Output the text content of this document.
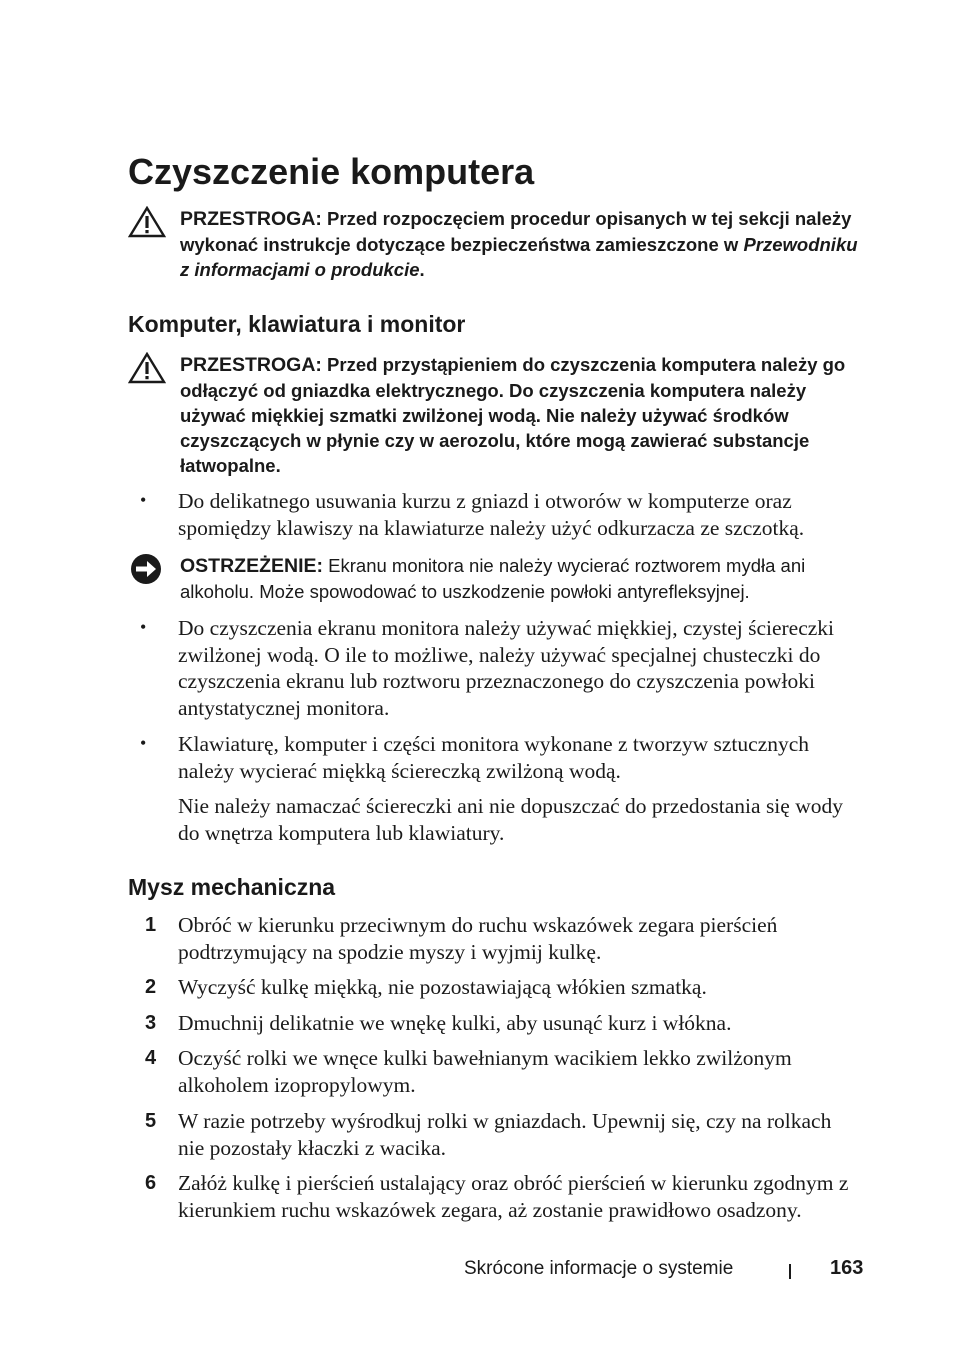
Czyszczenie komputera
PRZESTROGA: Przed rozpoczęciem procedur opisanych w tej sekcji należy wykonać instrukcje dotyczące bezpieczeństwa zamieszczone w Przewodniku z informacjami o produkcie.
Komputer, klawiatura i monitor
PRZESTROGA: Przed przystąpieniem do czyszczenia komputera należy go odłączyć od gniazdka elektrycznego. Do czyszczenia komputera należy używać miękkiej szmatki zwilżonej wodą. Nie należy używać środków czyszczących w płynie czy w aerozolu, które mogą zawierać substancje łatwopalne.
• Do delikatnego usuwania kurzu z gniazd i otworów w komputerze oraz spomiędzy klawiszy na klawiaturze należy użyć odkurzacza ze szczotką.
OSTRZEŻENIE: Ekranu monitora nie należy wycierać roztworem mydła ani alkoholu. Może spowodować to uszkodzenie powłoki antyrefleksyjnej.
• Do czyszczenia ekranu monitora należy używać miękkiej, czystej ściereczki zwilżonej wodą. O ile to możliwe, należy używać specjalnej chusteczki do czyszczenia ekranu lub roztworu przeznaczonego do czyszczenia powłoki antystatycznej monitora.
• Klawiaturę, komputer i części monitora wykonane z tworzyw sztucznych należy wycierać miękką ściereczką zwilżoną wodą.
Nie należy namaczać ściereczki ani nie dopuszczać do przedostania się wody do wnętrza komputera lub klawiatury.
Mysz mechaniczna
1 Obróć w kierunku przeciwnym do ruchu wskazówek zegara pierścień podtrzymujący na spodzie myszy i wyjmij kulkę.
2 Wyczyść kulkę miękką, nie pozostawiającą włókien szmatką.
3 Dmuchnij delikatnie we wnękę kulki, aby usunąć kurz i włókna.
4 Oczyść rolki we wnęce kulki bawełnianym wacikiem lekko zwilżonym alkoholem izopropylowym.
5 W razie potrzeby wyśrodkuj rolki w gniazdach. Upewnij się, czy na rolkach nie pozostały kłaczki z wacika.
6 Załóż kulkę i pierścień ustalający oraz obróć pierścień w kierunku zgodnym z kierunkiem ruchu wskazówek zegara, aż zostanie prawidłowo osadzony.
Skrócone informacje o systemie	163
